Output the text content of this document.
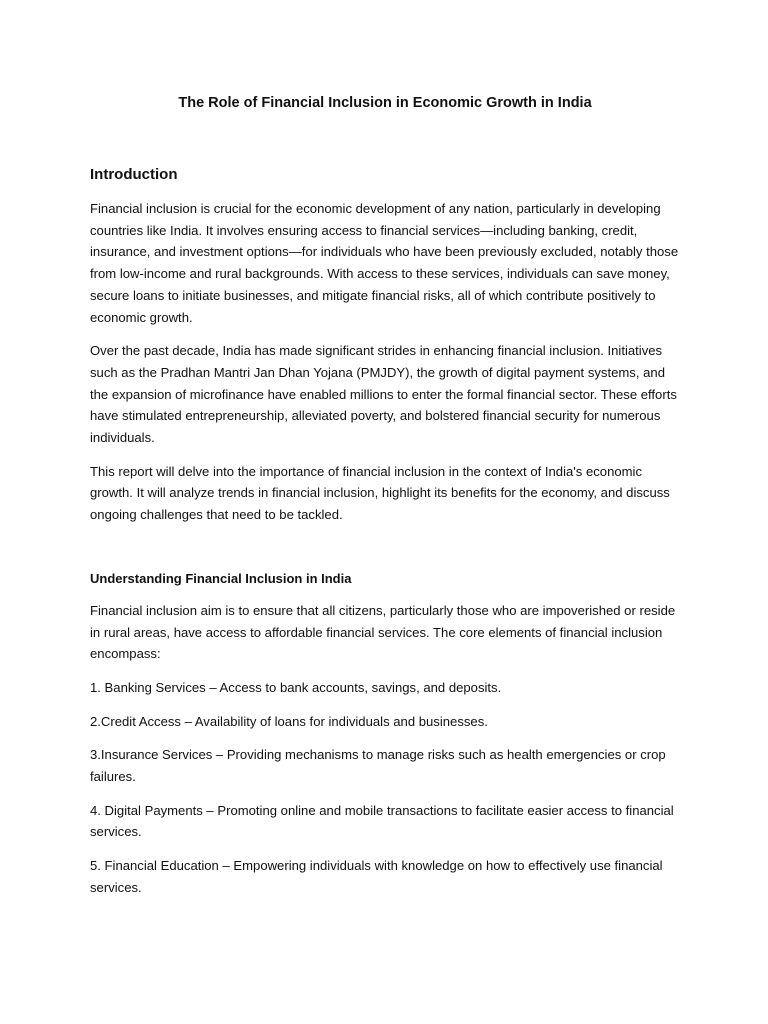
The Role of Financial Inclusion in Economic Growth in India
Introduction

Financial inclusion is crucial for the economic development of any nation, particularly in developing countries like India. It involves ensuring access to financial services—including banking, credit, insurance, and investment options—for individuals who have been previously excluded, notably those from low-income and rural backgrounds. With access to these services, individuals can save money, secure loans to initiate businesses, and mitigate financial risks, all of which contribute positively to economic growth.

Over the past decade, India has made significant strides in enhancing financial inclusion. Initiatives such as the Pradhan Mantri Jan Dhan Yojana (PMJDY), the growth of digital payment systems, and the expansion of microfinance have enabled millions to enter the formal financial sector. These efforts have stimulated entrepreneurship, alleviated poverty, and bolstered financial security for numerous individuals.

This report will delve into the importance of financial inclusion in the context of India's economic growth. It will analyze trends in financial inclusion, highlight its benefits for the economy, and discuss ongoing challenges that need to be tackled.

Understanding Financial Inclusion in India

Financial inclusion aim is to ensure that all citizens, particularly those who are impoverished or reside in rural areas, have access to affordable financial services. The core elements of financial inclusion encompass:

1. Banking Services – Access to bank accounts, savings, and deposits.
2.Credit Access – Availability of loans for individuals and businesses.
3.Insurance Services – Providing mechanisms to manage risks such as health emergencies or crop failures.
4. Digital Payments – Promoting online and mobile transactions to facilitate easier access to financial services.
5. Financial Education – Empowering individuals with knowledge on how to effectively use financial services.
